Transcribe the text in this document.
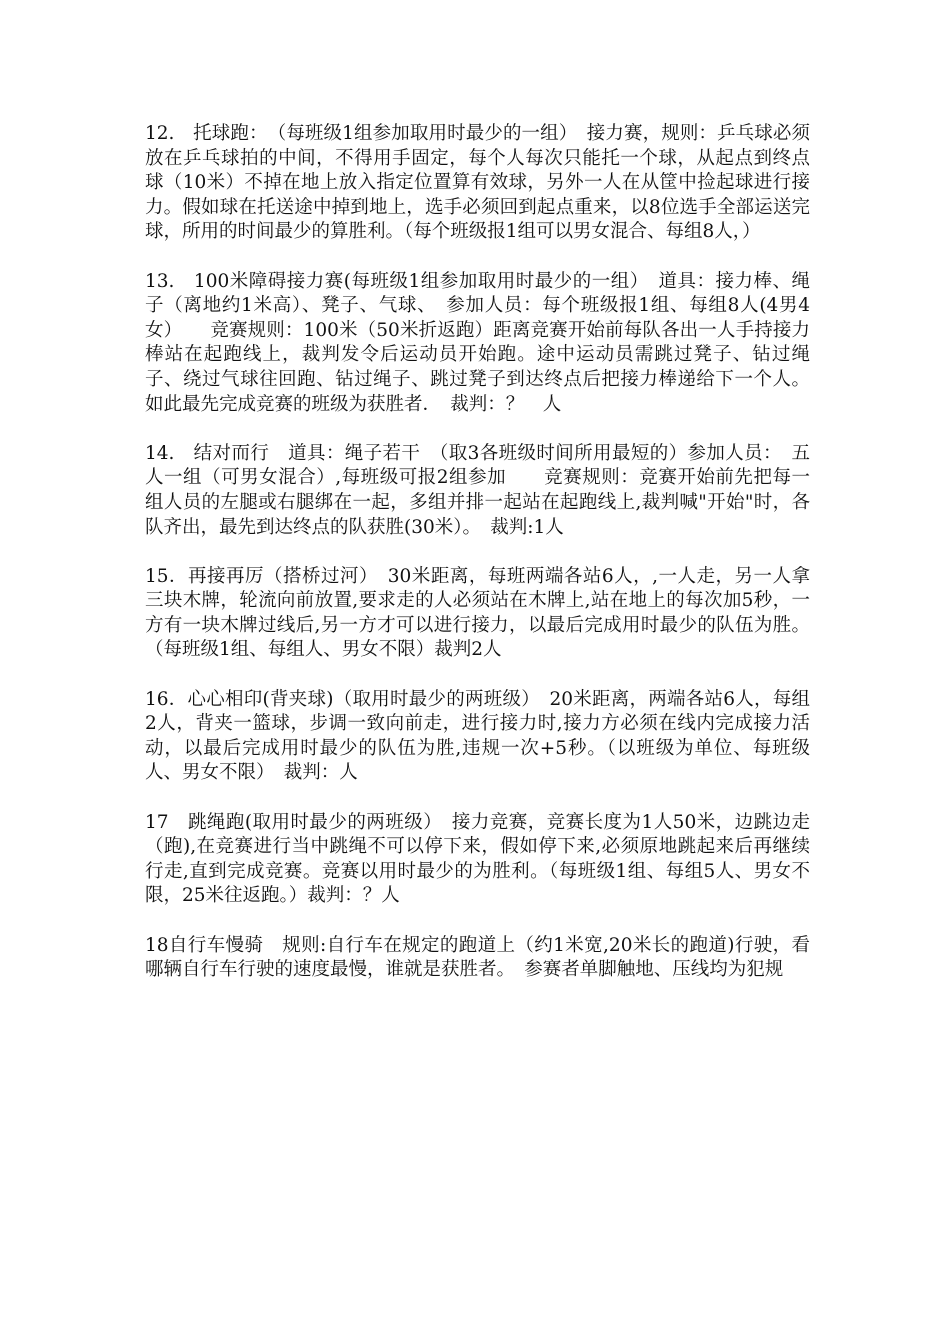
12.　托球跑：　（每班级1组参加取用时最少的一组）　接力赛，规则：乒乓球必须放在乒乓球拍的中间，不得用手固定，每个人每次只能托一个球，从起点到终点球（10米）不掉在地上放入指定位置算有效球，另外一人在从筐中捡起球进行接力。假如球在托送途中掉到地上，选手必须回到起点重来，以8位选手全部运送完球，所用的时间最少的算胜利。（每个班级报1组可以男女混合、每组8人，）

13.　100米障碍接力赛(每班级1组参加取用时最少的一组）　道具：接力棒、绳子（离地约1米高）、凳子、气球、　参加人员：每个班级报1组、每组8人(4男4女）　　竞赛规则：100米（50米折返跑）距离竞赛开始前每队各出一人手持接力棒站在起跑线上，裁判发令后运动员开始跑。途中运动员需跳过凳子、钻过绳子、绕过气球往回跑、钻过绳子、跳过凳子到达终点后把接力棒递给下一个人。如此最先完成竞赛的班级为获胜者．　裁判：？　人

14.　结对而行　道具：绳子若干　（取3各班级时间所用最短的）参加人员：　五人一组（可男女混合）,每班级可报2组参加　　竞赛规则：竞赛开始前先把每一组人员的左腿或右腿绑在一起，多组并排一起站在起跑线上,裁判喊"开始"时，各队齐出，最先到达终点的队获胜(30米）。　裁判:1人

15．再接再厉（搭桥过河）　30米距离，每班两端各站6人，,一人走，另一人拿三块木牌，轮流向前放置,要求走的人必须站在木牌上,站在地上的每次加5秒，一方有一块木牌过线后,另一方才可以进行接力，以最后完成用时最少的队伍为胜。（每班级1组、每组人、男女不限）裁判2人

16．心心相印(背夹球)（取用时最少的两班级）　20米距离，两端各站6人，每组2人，背夹一篮球，步调一致向前走，进行接力时,接力方必须在线内完成接力活动，以最后完成用时最少的队伍为胜,违规一次+5秒。（以班级为单位、每班级人、男女不限）　裁判：人

17　跳绳跑(取用时最少的两班级）　接力竞赛，竞赛长度为1人50米，边跳边走（跑),在竞赛进行当中跳绳不可以停下来，假如停下来,必须原地跳起来后再继续行走,直到完成竞赛。竞赛以用时最少的为胜利。（每班级1组、每组5人、男女不限，25米往返跑。）裁判：？人

18自行车慢骑　规则:自行车在规定的跑道上（约1米宽,20米长的跑道)行驶，看哪辆自行车行驶的速度最慢，谁就是获胜者。　参赛者单脚触地、压线均为犯规
